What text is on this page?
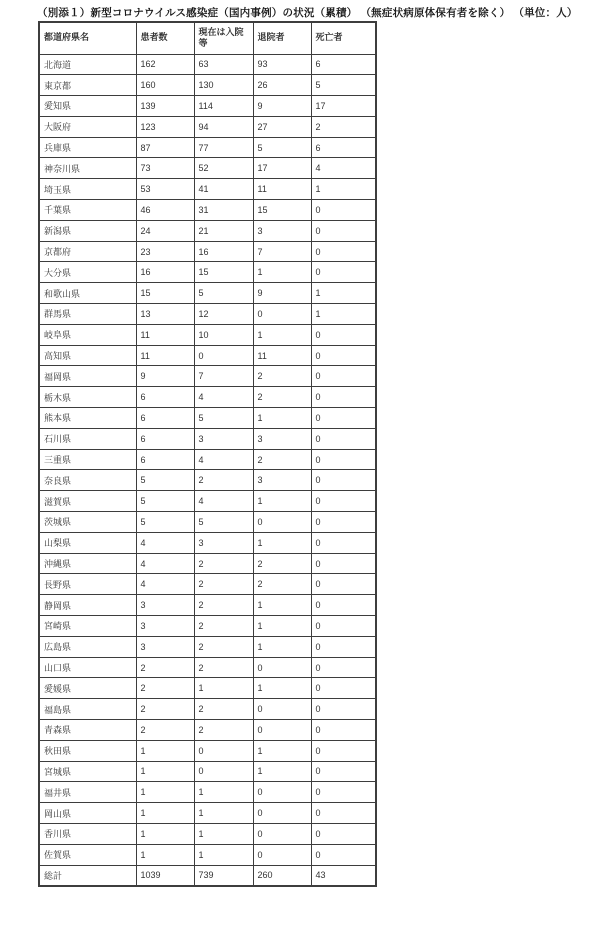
（別添１）新型コロナウイルス感染症（国内事例）の状況（累積） （無症状病原体保有者を除く） （単位：人）
都道府県名	患者数	現在は入院等	退院者	死亡者
北海道	162	63	93	6
東京都	160	130	26	5
愛知県	139	114	9	17
大阪府	123	94	27	2
兵庫県	87	77	5	6
神奈川県	73	52	17	4
埼玉県	53	41	11	1
千葉県	46	31	15	0
新潟県	24	21	3	0
京都府	23	16	7	0
大分県	16	15	1	0
和歌山県	15	5	9	1
群馬県	13	12	0	1
岐阜県	11	10	1	0
高知県	11	0	11	0
福岡県	9	7	2	0
栃木県	6	4	2	0
熊本県	6	5	1	0
石川県	6	3	3	0
三重県	6	4	2	0
奈良県	5	2	3	0
滋賀県	5	4	1	0
茨城県	5	5	0	0
山梨県	4	3	1	0
沖縄県	4	2	2	0
長野県	4	2	2	0
静岡県	3	2	1	0
宮崎県	3	2	1	0
広島県	3	2	1	0
山口県	2	2	0	0
愛媛県	2	1	1	0
福島県	2	2	0	0
青森県	2	2	0	0
秋田県	1	0	1	0
宮城県	1	0	1	0
福井県	1	1	0	0
岡山県	1	1	0	0
香川県	1	1	0	0
佐賀県	1	1	0	0
総計	1039	739	260	43
